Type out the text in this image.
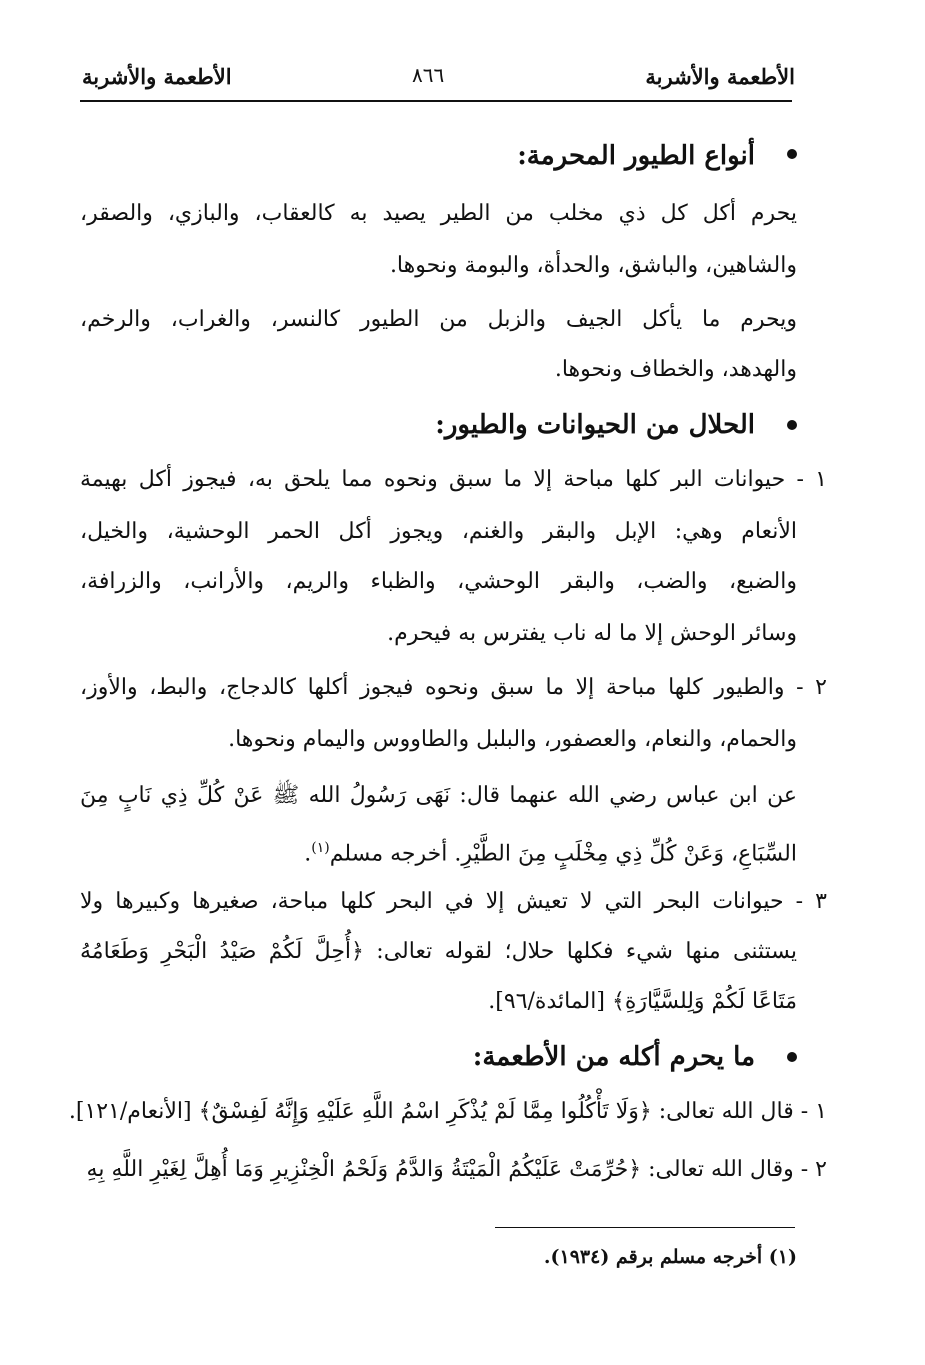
الأطعمة والأشربة
٨٦٦
الأطعمة والأشربة
أنواع الطيور المحرمة:
يحرم أكل كل ذي مخلب من الطير يصيد به كالعقاب، والبازي، والصقر،
والشاهين، والباشق، والحدأة، والبومة ونحوها.
ويحرم ما يأكل الجيف والزبل من الطيور كالنسر، والغراب، والرخم،
والهدهد، والخطاف ونحوها.
الحلال من الحيوانات والطيور:
١ - حيوانات البر كلها مباحة إلا ما سبق ونحوه مما يلحق به، فيجوز أكل بهيمة
الأنعام وهي: الإبل والبقر والغنم، ويجوز أكل الحمر الوحشية، والخيل،
والضبع، والضب، والبقر الوحشي، والظباء والريم، والأرانب، والزرافة،
وسائر الوحش إلا ما له ناب يفترس به فيحرم.
٢ - والطيور كلها مباحة إلا ما سبق ونحوه فيجوز أكلها كالدجاج، والبط، والأوز،
والحمام، والنعام، والعصفور، والبلبل والطاووس واليمام ونحوها.
عن ابن عباس رضي الله عنهما قال: نَهَى رَسُولُ الله ﷺ عَنْ كُلِّ ذِي نَابٍ مِنَ
السِّبَاعِ، وَعَنْ كُلِّ ذِي مِخْلَبٍ مِنَ الطَّيْرِ. أخرجه مسلم$^{(١)}$.
٣ - حيوانات البحر التي لا تعيش إلا في البحر كلها مباحة، صغيرها وكبيرها ولا
يستثنى منها شيء فكلها حلال؛ لقوله تعالى: ﴿أُحِلَّ لَكُمْ صَيْدُ الْبَحْرِ وَطَعَامُهُ
مَتَاعًا لَكُمْ وَلِلسَّيَّارَةِ﴾ [المائدة/٩٦].
ما يحرم أكله من الأطعمة:
١ - قال الله تعالى: ﴿وَلَا تَأْكُلُوا مِمَّا لَمْ يُذْكَرِ اسْمُ اللَّهِ عَلَيْهِ وَإِنَّهُ لَفِسْقٌ﴾ [الأنعام/١٢١].
٢ - وقال الله تعالى: ﴿حُرِّمَتْ عَلَيْكُمُ الْمَيْتَةُ وَالدَّمُ وَلَحْمُ الْخِنْزِيرِ وَمَا أُهِلَّ لِغَيْرِ اللَّهِ بِهِ
(١) أخرجه مسلم برقم (١٩٣٤).
